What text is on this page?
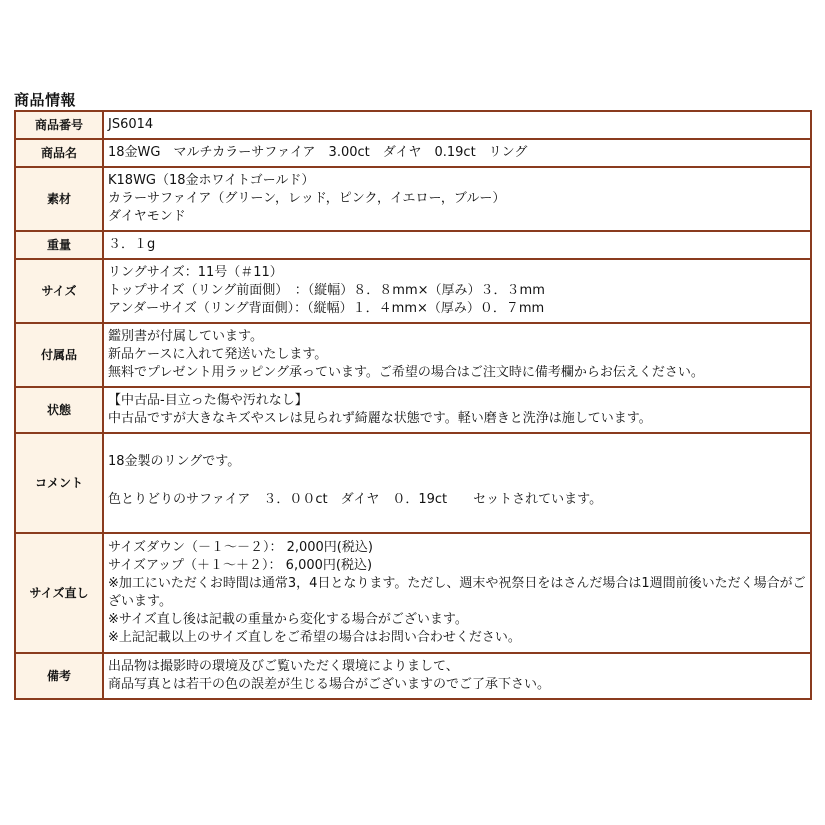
商品情報
商品番号	JS6014
商品名	18金WG　マルチカラーサファイア　3.00ct　ダイヤ　0.19ct　リング
素材	K18WG（18金ホワイトゴールド）
カラーサファイア（グリーン，レッド，ピンク，イエロー，ブルー）
ダイヤモンド

重量	３．１g
サイズ	リングサイズ：11号（＃11）
トップサイズ（リング前面側）　：（縦幅）８．８mm×（厚み）３．３mm
アンダーサイズ（リング背面側）：（縦幅）１．４mm×（厚み）０．７mm

付属品	鑑別書が付属しています。
新品ケースに入れて発送いたします。
無料でプレゼント用ラッピング承っています。ご希望の場合はご注文時に備考欄からお伝えください。

状態	【中古品-目立った傷や汚れなし】
中古品ですが大きなキズやスレは見られず綺麗な状態です。軽い磨きと洗浄は施しています。

コメント	18金製のリングです。
色とりどりのサファイア　３．００ct　ダイヤ　０．19ct　　セットされています。

サイズ直し	サイズダウン（－１～－２）： 2,000円(税込)
サイズアップ（＋１～＋２）： 6,000円(税込)
※加工にいただくお時間は通常3，4日となります。ただし、週末や祝祭日をはさんだ場合は1週間前後いただく場合がございます。
※サイズ直し後は記載の重量から変化する場合がございます。
※上記記載以上のサイズ直しをご希望の場合はお問い合わせください。

備考	出品物は撮影時の環境及びご覧いただく環境によりまして、
商品写真とは若干の色の誤差が生じる場合がございますのでご了承下さい。
